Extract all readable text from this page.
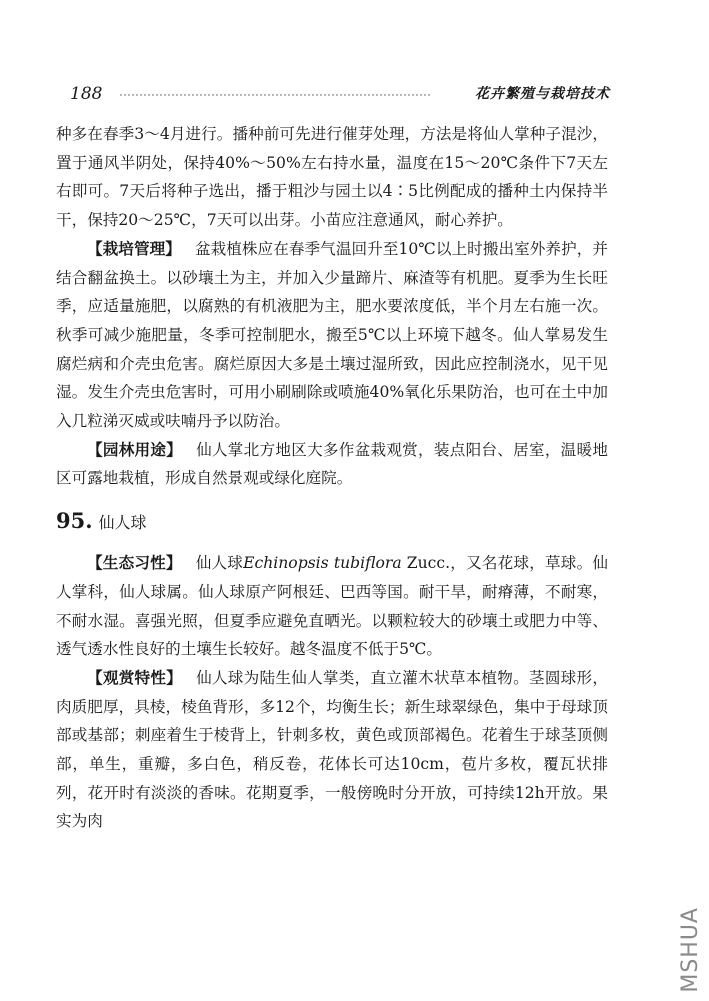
188	花卉繁殖与栽培技术

种多在春季3～4月进行。播种前可先进行催芽处理，方法是将仙人掌种子混沙，置于通风半阴处，保持40%～50%左右持水量，温度在15～20℃条件下7天左右即可。7天后将种子选出，播于粗沙与园土以4∶5比例配成的播种土内保持半干，保持20～25℃，7天可以出芽。小苗应注意通风，耐心养护。

【栽培管理】 盆栽植株应在春季气温回升至10℃以上时搬出室外养护，并结合翻盆换土。以砂壤土为主，并加入少量蹄片、麻渣等有机肥。夏季为生长旺季，应适量施肥，以腐熟的有机液肥为主，肥水要浓度低，半个月左右施一次。秋季可减少施肥量，冬季可控制肥水，搬至5℃以上环境下越冬。仙人掌易发生腐烂病和介壳虫危害。腐烂原因大多是土壤过湿所致，因此应控制浇水，见干见湿。发生介壳虫危害时，可用小刷刷除或喷施40%氧化乐果防治，也可在土中加入几粒涕灭威或呋喃丹予以防治。

【园林用途】 仙人掌北方地区大多作盆栽观赏，装点阳台、居室，温暖地区可露地栽植，形成自然景观或绿化庭院。

95. 仙人球

【生态习性】 仙人球Echinopsis tubiflora Zucc.，又名花球，草球。仙人掌科，仙人球属。仙人球原产阿根廷、巴西等国。耐干旱，耐瘠薄，不耐寒，不耐水湿。喜强光照，但夏季应避免直晒光。以颗粒较大的砂壤土或肥力中等、透气透水性良好的土壤生长较好。越冬温度不低于5℃。

【观赏特性】 仙人球为陆生仙人掌类，直立灌木状草本植物。茎圆球形，肉质肥厚，具棱，棱鱼背形，多12个，均衡生长；新生球翠绿色，集中于母球顶部或基部；刺座着生于棱背上，针刺多枚，黄色或顶部褐色。花着生于球茎顶侧部，单生，重瓣，多白色，稍反卷，花体长可达10cm，苞片多枚，覆瓦状排列，花开时有淡淡的香味。花期夏季，一般傍晚时分开放，可持续12h开放。果实为肉

MSHUA
